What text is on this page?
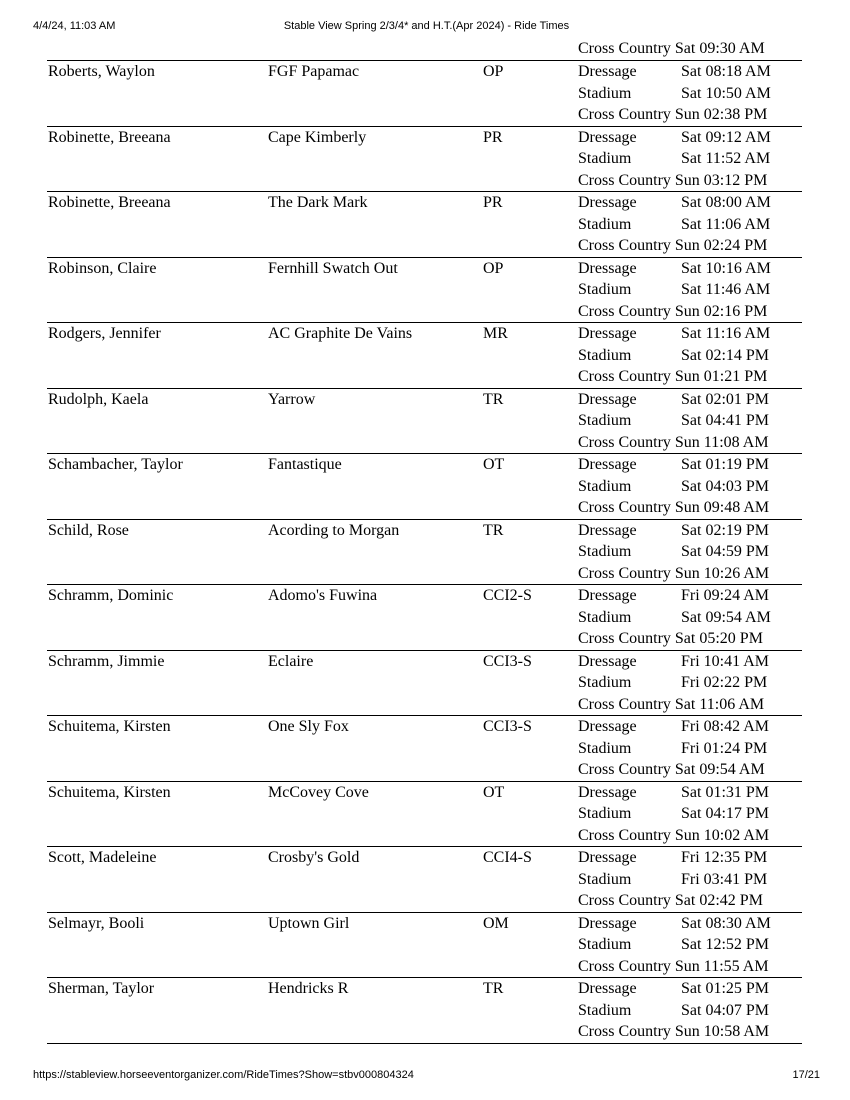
4/4/24, 11:03 AM	Stable View Spring 2/3/4* and H.T.(Apr 2024) - Ride Times
Cross Country Sat 09:30 AM
Roberts, Waylon	FGF Papamac	OP	Dressage	Sat 08:18 AM
Stadium	Sat 10:50 AM
Cross Country Sun 02:38 PM
Robinette, Breeana	Cape Kimberly	PR	Dressage	Sat 09:12 AM
Stadium	Sat 11:52 AM
Cross Country Sun 03:12 PM
Robinette, Breeana	The Dark Mark	PR	Dressage	Sat 08:00 AM
Stadium	Sat 11:06 AM
Cross Country Sun 02:24 PM
Robinson, Claire	Fernhill Swatch Out	OP	Dressage	Sat 10:16 AM
Stadium	Sat 11:46 AM
Cross Country Sun 02:16 PM
Rodgers, Jennifer	AC Graphite De Vains	MR	Dressage	Sat 11:16 AM
Stadium	Sat 02:14 PM
Cross Country Sun 01:21 PM
Rudolph, Kaela	Yarrow	TR	Dressage	Sat 02:01 PM
Stadium	Sat 04:41 PM
Cross Country Sun 11:08 AM
Schambacher, Taylor	Fantastique	OT	Dressage	Sat 01:19 PM
Stadium	Sat 04:03 PM
Cross Country Sun 09:48 AM
Schild, Rose	Acording to Morgan	TR	Dressage	Sat 02:19 PM
Stadium	Sat 04:59 PM
Cross Country Sun 10:26 AM
Schramm, Dominic	Adomo's Fuwina	CCI2-S	Dressage	Fri 09:24 AM
Stadium	Sat 09:54 AM
Cross Country Sat 05:20 PM
Schramm, Jimmie	Eclaire	CCI3-S	Dressage	Fri 10:41 AM
Stadium	Fri 02:22 PM
Cross Country Sat 11:06 AM
Schuitema, Kirsten	One Sly Fox	CCI3-S	Dressage	Fri 08:42 AM
Stadium	Fri 01:24 PM
Cross Country Sat 09:54 AM
Schuitema, Kirsten	McCovey Cove	OT	Dressage	Sat 01:31 PM
Stadium	Sat 04:17 PM
Cross Country Sun 10:02 AM
Scott, Madeleine	Crosby's Gold	CCI4-S	Dressage	Fri 12:35 PM
Stadium	Fri 03:41 PM
Cross Country Sat 02:42 PM
Selmayr, Booli	Uptown Girl	OM	Dressage	Sat 08:30 AM
Stadium	Sat 12:52 PM
Cross Country Sun 11:55 AM
Sherman, Taylor	Hendricks R	TR	Dressage	Sat 01:25 PM
Stadium	Sat 04:07 PM
Cross Country Sun 10:58 AM
https://stableview.horseeventorganizer.com/RideTimes?Show=stbv000804324	17/21
